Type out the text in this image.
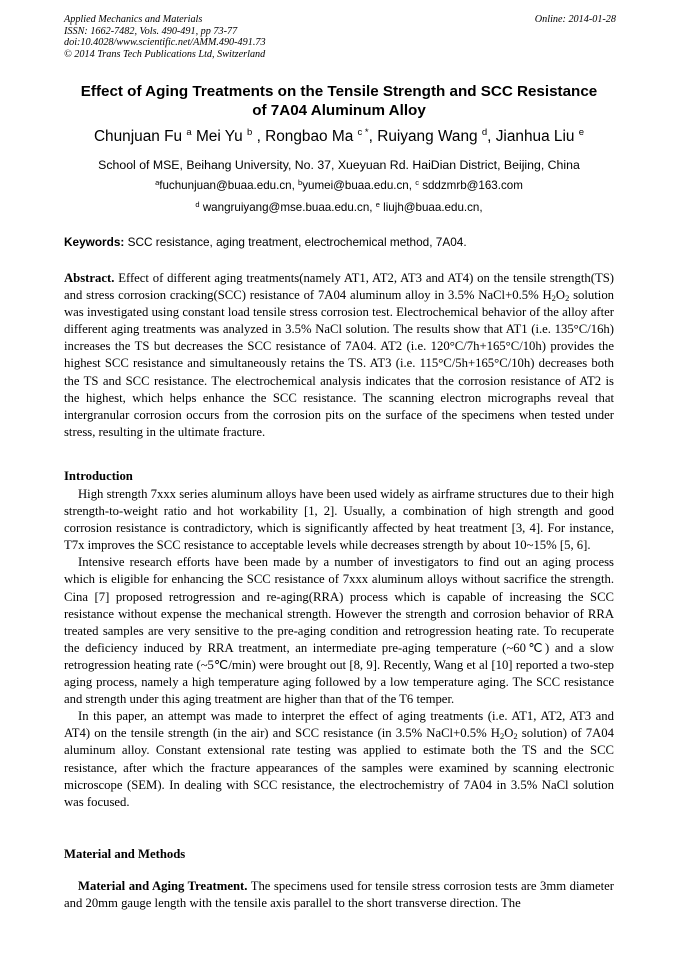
Applied Mechanics and Materials
ISSN: 1662-7482, Vols. 490-491, pp 73-77
doi:10.4028/www.scientific.net/AMM.490-491.73
© 2014 Trans Tech Publications Ltd, Switzerland
Online: 2014-01-28
Effect of Aging Treatments on the Tensile Strength and SCC Resistance
of 7A04 Aluminum Alloy
Chunjuan Fu $^a$ Mei Yu $^b$ , Rongbao Ma $^{c *}$, Ruiyang Wang $^d$, Jianhua Liu $^e$
School of MSE, Beihang University, No. 37, Xueyuan Rd. HaiDian District, Beijing, China
$^a$fuchunjuan@buaa.edu.cn, $^b$yumei@buaa.edu.cn, $^c$ sddzmrb@163.com
$^d$ wangruiyang@mse.buaa.edu.cn, $^e$ liujh@buaa.edu.cn,
Keywords: SCC resistance, aging treatment, electrochemical method, 7A04.

Abstract. Effect of different aging treatments(namely AT1, AT2, AT3 and AT4) on the tensile strength(TS) and stress corrosion cracking(SCC) resistance of 7A04 aluminum alloy in 3.5% NaCl+0.5% $H_2O_2$ solution was investigated using constant load tensile stress corrosion test. Electrochemical behavior of the alloy after different aging treatments was analyzed in 3.5% NaCl solution. The results show that AT1 (i.e. 135°C/16h) increases the TS but decreases the SCC resistance of 7A04. AT2 (i.e. 120°C/7h+165°C/10h) provides the highest SCC resistance and simultaneously retains the TS. AT3 (i.e. 115°C/5h+165°C/10h) decreases both the TS and SCC resistance. The electrochemical analysis indicates that the corrosion resistance of AT2 is the highest, which helps enhance the SCC resistance. The scanning electron micrographs reveal that intergranular corrosion occurs from the corrosion pits on the surface of the specimens when tested under stress, resulting in the ultimate fracture.

Introduction

High strength 7xxx series aluminum alloys have been used widely as airframe structures due to their high strength-to-weight ratio and hot workability [1, 2]. Usually, a combination of high strength and good corrosion resistance is contradictory, which is significantly affected by heat treatment [3, 4]. For instance, T7x improves the SCC resistance to acceptable levels while decreases strength by about 10~15% [5, 6].

Intensive research efforts have been made by a number of investigators to find out an aging process which is eligible for enhancing the SCC resistance of 7xxx aluminum alloys without sacrifice the strength. Cina [7] proposed retrogression and re-aging(RRA) process which is capable of increasing the SCC resistance without expense the mechanical strength. However the strength and corrosion behavior of RRA treated samples are very sensitive to the pre-aging condition and retrogression heating rate. To recuperate the deficiency induced by RRA treatment, an intermediate pre-aging temperature (~60℃) and a slow retrogression heating rate (~5℃/min) were brought out [8, 9]. Recently, Wang et al [10] reported a two-step aging process, namely a high temperature aging followed by a low temperature aging. The SCC resistance and strength under this aging treatment are higher than that of the T6 temper.

In this paper, an attempt was made to interpret the effect of aging treatments (i.e. AT1, AT2, AT3 and AT4) on the tensile strength (in the air) and SCC resistance (in 3.5% NaCl+0.5% $H_2O_2$ solution) of 7A04 aluminum alloy. Constant extensional rate testing was applied to estimate both the TS and the SCC resistance, after which the fracture appearances of the samples were examined by scanning electronic microscope (SEM). In dealing with SCC resistance, the electrochemistry of 7A04 in 3.5% NaCl solution was focused.

Material and Methods

Material and Aging Treatment. The specimens used for tensile stress corrosion tests are 3mm diameter and 20mm gauge length with the tensile axis parallel to the short transverse direction. The
